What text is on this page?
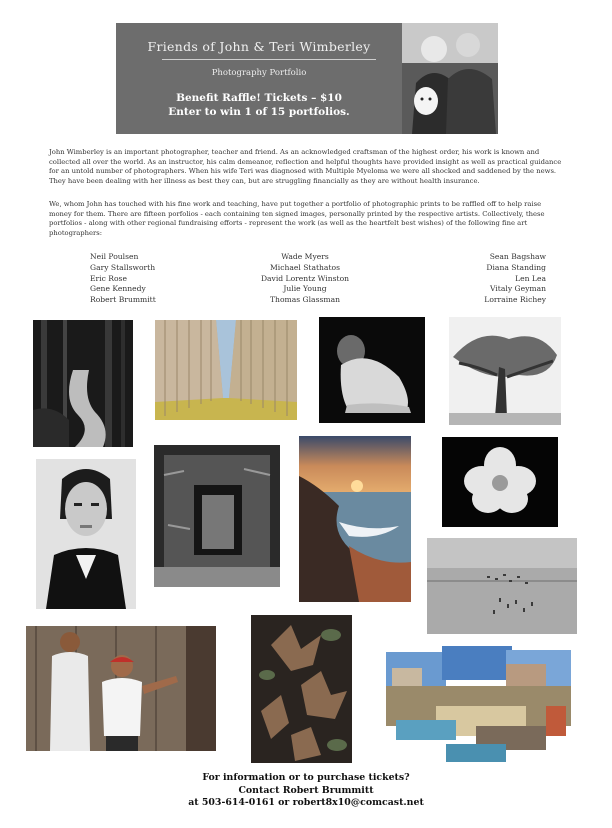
Friends of John & Teri Wimberley
Photography Portfolio
Benefit Raffle! Tickets – $10
Enter to win 1 of 15 portfolios.
John Wimberley is an important photographer, teacher and friend. As an acknowledged craftsman of the highest order, his work is known and collected all over the world. As an instructor, his calm demeanor, reflection and helpful thoughts have provided insight as well as practical guidance for an untold number of photographers. When his wife Teri was diagnosed with Multiple Myeloma we were all shocked and saddened by the news. They have been dealing with her illness as best they can, but are struggling financially as they are without health insurance.
We, whom John has touched with his fine work and teaching, have put together a portfolio of photographic prints to be raffled off to help raise money for them. There are fifteen porfolios - each containing ten signed images, personally printed by the respective artists. Collectively, these portfolios - along with other regional fundraising efforts - represent the work (as well as the heartfelt best wishes) of the following fine art photographers:
Neil Poulsen
Gary Stallsworth
Eric Rose
Gene Kennedy
Robert Brummitt
Wade Myers
Michael Stathatos
David Lorentz Winston
Julie Young
Thomas Glassman
Sean Bagshaw
Diana Standing
Len Lea
Vitaly Geyman
Lorraine Richey
For information or to purchase tickets?
Contact Robert Brummitt
at 503-614-0161 or robert8x10@comcast.net
